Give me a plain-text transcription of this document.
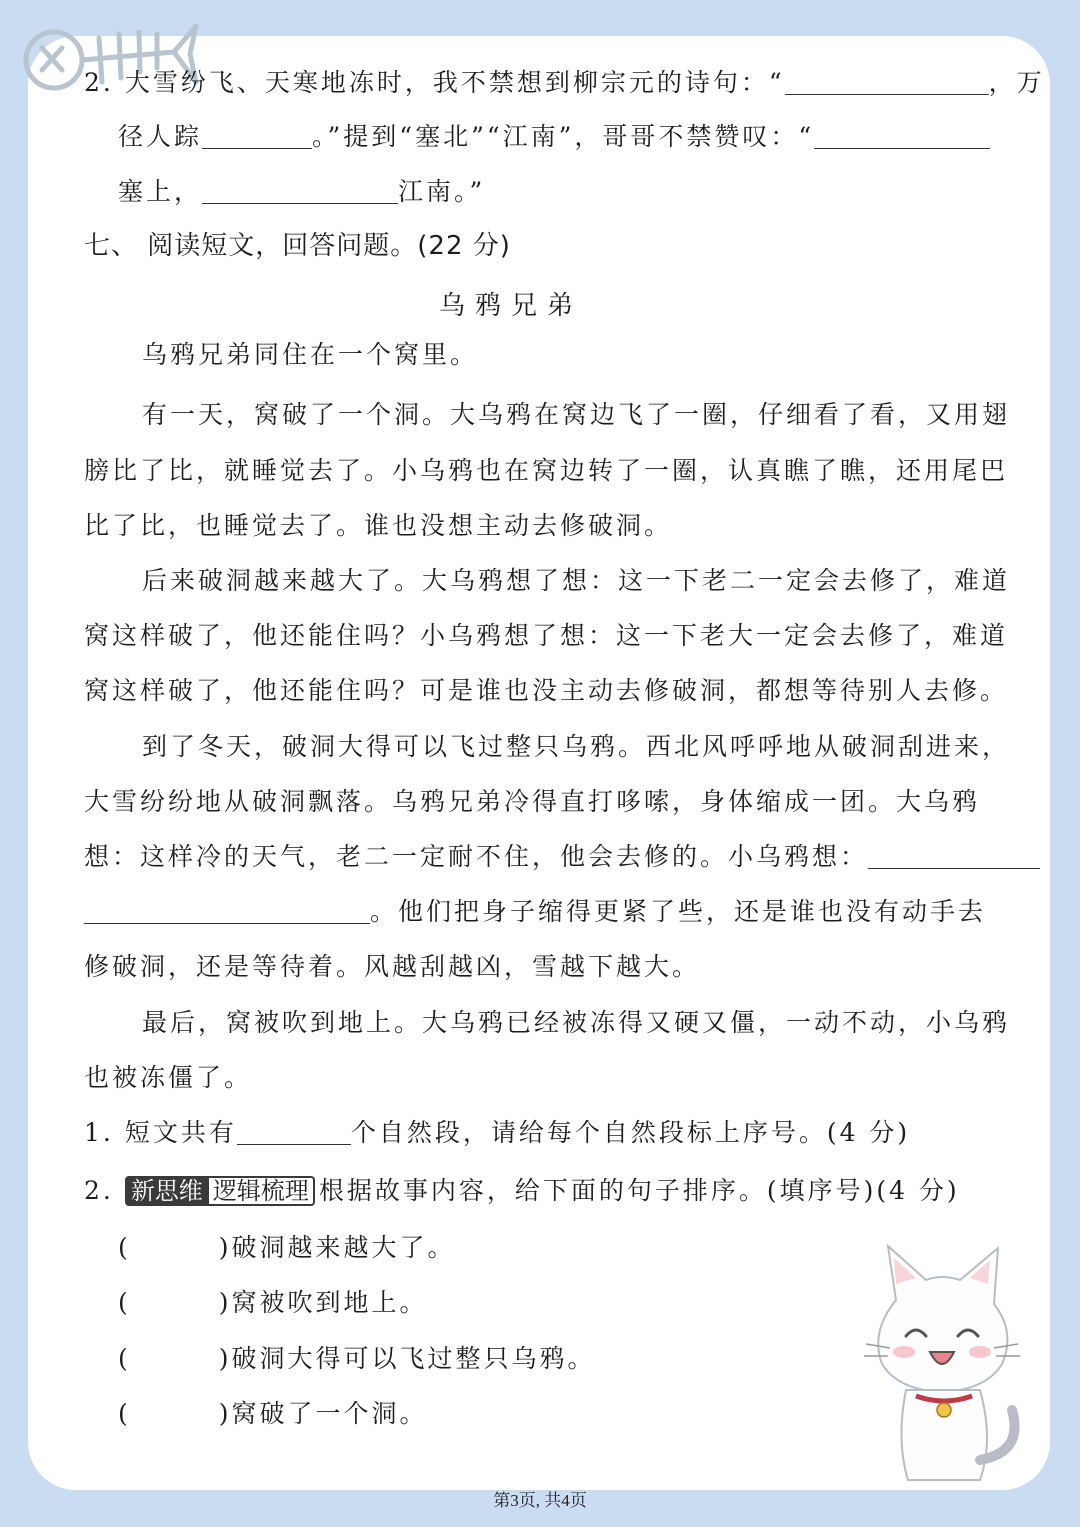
2. 大雪纷飞、天寒地冻时，我不禁想到柳宗元的诗句：“	，万
径人踪	。”提到“塞北”“江南”，哥哥不禁赞叹：“
塞上，	江南。”
七、 阅读短文，回答问题。(22 分)
乌鸦兄弟
乌鸦兄弟同住在一个窝里。
有一天，窝破了一个洞。大乌鸦在窝边飞了一圈，仔细看了看，又用翅
膀比了比，就睡觉去了。小乌鸦也在窝边转了一圈，认真瞧了瞧，还用尾巴
比了比，也睡觉去了。谁也没想主动去修破洞。
后来破洞越来越大了。大乌鸦想了想：这一下老二一定会去修了，难道
窝这样破了，他还能住吗？小乌鸦想了想：这一下老大一定会去修了，难道
窝这样破了，他还能住吗？可是谁也没主动去修破洞，都想等待别人去修。
到了冬天，破洞大得可以飞过整只乌鸦。西北风呼呼地从破洞刮进来，
大雪纷纷地从破洞飘落。乌鸦兄弟冷得直打哆嗦，身体缩成一团。大乌鸦
想：这样冷的天气，老二一定耐不住，他会去修的。小乌鸦想：
。他们把身子缩得更紧了些，还是谁也没有动手去
修破洞，还是等待着。风越刮越凶，雪越下越大。
最后，窝被吹到地上。大乌鸦已经被冻得又硬又僵，一动不动，小乌鸦
也被冻僵了。
1. 短文共有	个自然段，请给每个自然段标上序号。(4 分)
2. 新思维 逻辑梳理 根据故事内容，给下面的句子排序。(填序号)(4 分)
(	)破洞越来越大了。
(	)窝被吹到地上。
(	)破洞大得可以飞过整只乌鸦。
(	)窝破了一个洞。
第3页, 共4页
